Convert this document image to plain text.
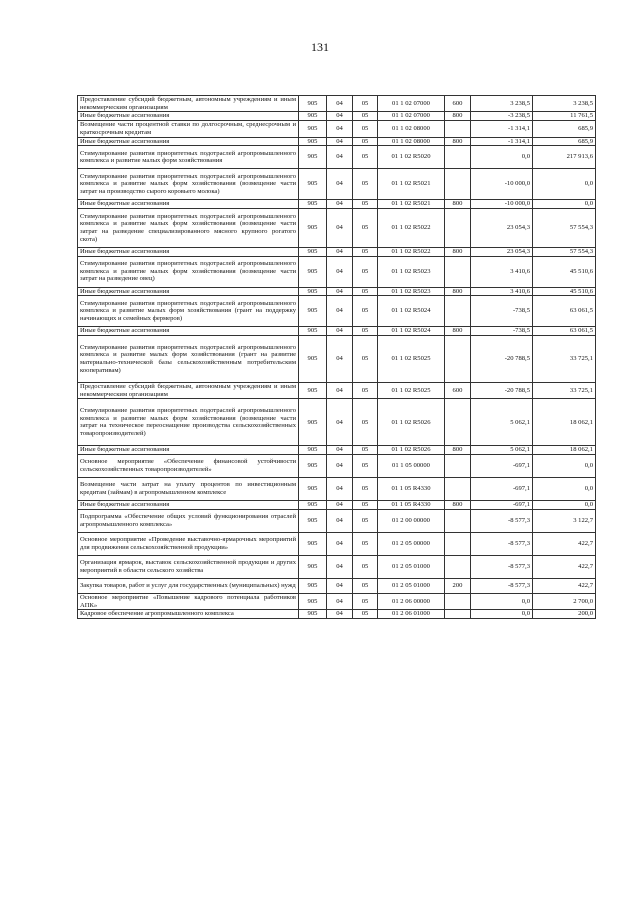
131
Предоставление субсидий бюджетным, автономным учреждениям и иным некоммерческим организациям	905	04	05	01 1 02 07000	600	3 238,5	3 238,5
Иные бюджетные ассигнования	905	04	05	01 1 02 07000	800	-3 238,5	11 761,5
Возмещение части процентной ставки по долгосрочным, среднесрочным и краткосрочным кредитам	905	04	05	01 1 02 08000		-1 314,1	685,9
Иные бюджетные ассигнования	905	04	05	01 1 02 08000	800	-1 314,1	685,9
Стимулирование развития приоритетных подотраслей агропромышленного комплекса и развитие малых форм хозяйствования	905	04	05	01 1 02 R5020		0,0	217 913,6
Стимулирование развития приоритетных подотраслей агропромышленного комплекса и развитие малых форм хозяйствования (возмещение части затрат на производство сырого коровьего молока)	905	04	05	01 1 02 R5021		-10 000,0	0,0
Иные бюджетные ассигнования	905	04	05	01 1 02 R5021	800	-10 000,0	0,0
Стимулирование развития приоритетных подотраслей агропромышленного комплекса и развитие малых форм хозяйствования (возмещение части затрат на разведение специализированного мясного крупного рогатого скота)	905	04	05	01 1 02 R5022		23 054,3	57 554,3
Иные бюджетные ассигнования	905	04	05	01 1 02 R5022	800	23 054,3	57 554,3
Стимулирование развития приоритетных подотраслей агропромышленного комплекса и развитие малых форм хозяйствования (возмещение части затрат на разведение овец)	905	04	05	01 1 02 R5023		3 410,6	45 510,6
Иные бюджетные ассигнования	905	04	05	01 1 02 R5023	800	3 410,6	45 510,6
Стимулирование развития приоритетных подотраслей агропромышленного комплекса и развитие малых форм хозяйствования (грант на поддержку начинающих и семейных фермеров)	905	04	05	01 1 02 R5024		-738,5	63 061,5
Иные бюджетные ассигнования	905	04	05	01 1 02 R5024	800	-738,5	63 061,5
Стимулирование развития приоритетных подотраслей агропромышленного комплекса и развитие малых форм хозяйствования (грант на развитие материально-технической базы сельскохозяйственным потребительским кооперативам)	905	04	05	01 1 02 R5025		-20 788,5	33 725,1
Предоставление субсидий бюджетным, автономным учреждениям и иным некоммерческим организациям	905	04	05	01 1 02 R5025	600	-20 788,5	33 725,1
Стимулирование развития приоритетных подотраслей агропромышленного комплекса и развитие малых форм хозяйствования (возмещение части затрат на техническое переоснащение производства сельскохозяйственных товаропроизводителей)	905	04	05	01 1 02 R5026		5 062,1	18 062,1
Иные бюджетные ассигнования	905	04	05	01 1 02 R5026	800	5 062,1	18 062,1
Основное мероприятие «Обеспечение финансовой устойчивости сельскохозяйственных товаропроизводителей»	905	04	05	01 1 05 00000		-697,1	0,0
Возмещение части затрат на уплату процентов по инвестиционным кредитам (займам) в агропромышленном комплексе	905	04	05	01 1 05 R4330		-697,1	0,0
Иные бюджетные ассигнования	905	04	05	01 1 05 R4330	800	-697,1	0,0
Подпрограмма «Обеспечение общих условий функционирования отраслей агропромышленного комплекса»	905	04	05	01 2 00 00000		-8 577,3	3 122,7
Основное мероприятие «Проведение выставочно-ярмарочных мероприятий для продвижения сельскохозяйственной продукции»	905	04	05	01 2 05 00000		-8 577,3	422,7
Организация ярмарок, выставок сельскохозяйственной продукции и других мероприятий в области сельского хозяйства	905	04	05	01 2 05 01000		-8 577,3	422,7
Закупка товаров, работ и услуг для государственных (муниципальных) нужд	905	04	05	01 2 05 01000	200	-8 577,3	422,7
Основное мероприятие «Повышение кадрового потенциала работников АПК»	905	04	05	01 2 06 00000		0,0	2 700,0
Кадровое обеспечение агропромышленного комплекса	905	04	05	01 2 06 01000		0,0	200,0
